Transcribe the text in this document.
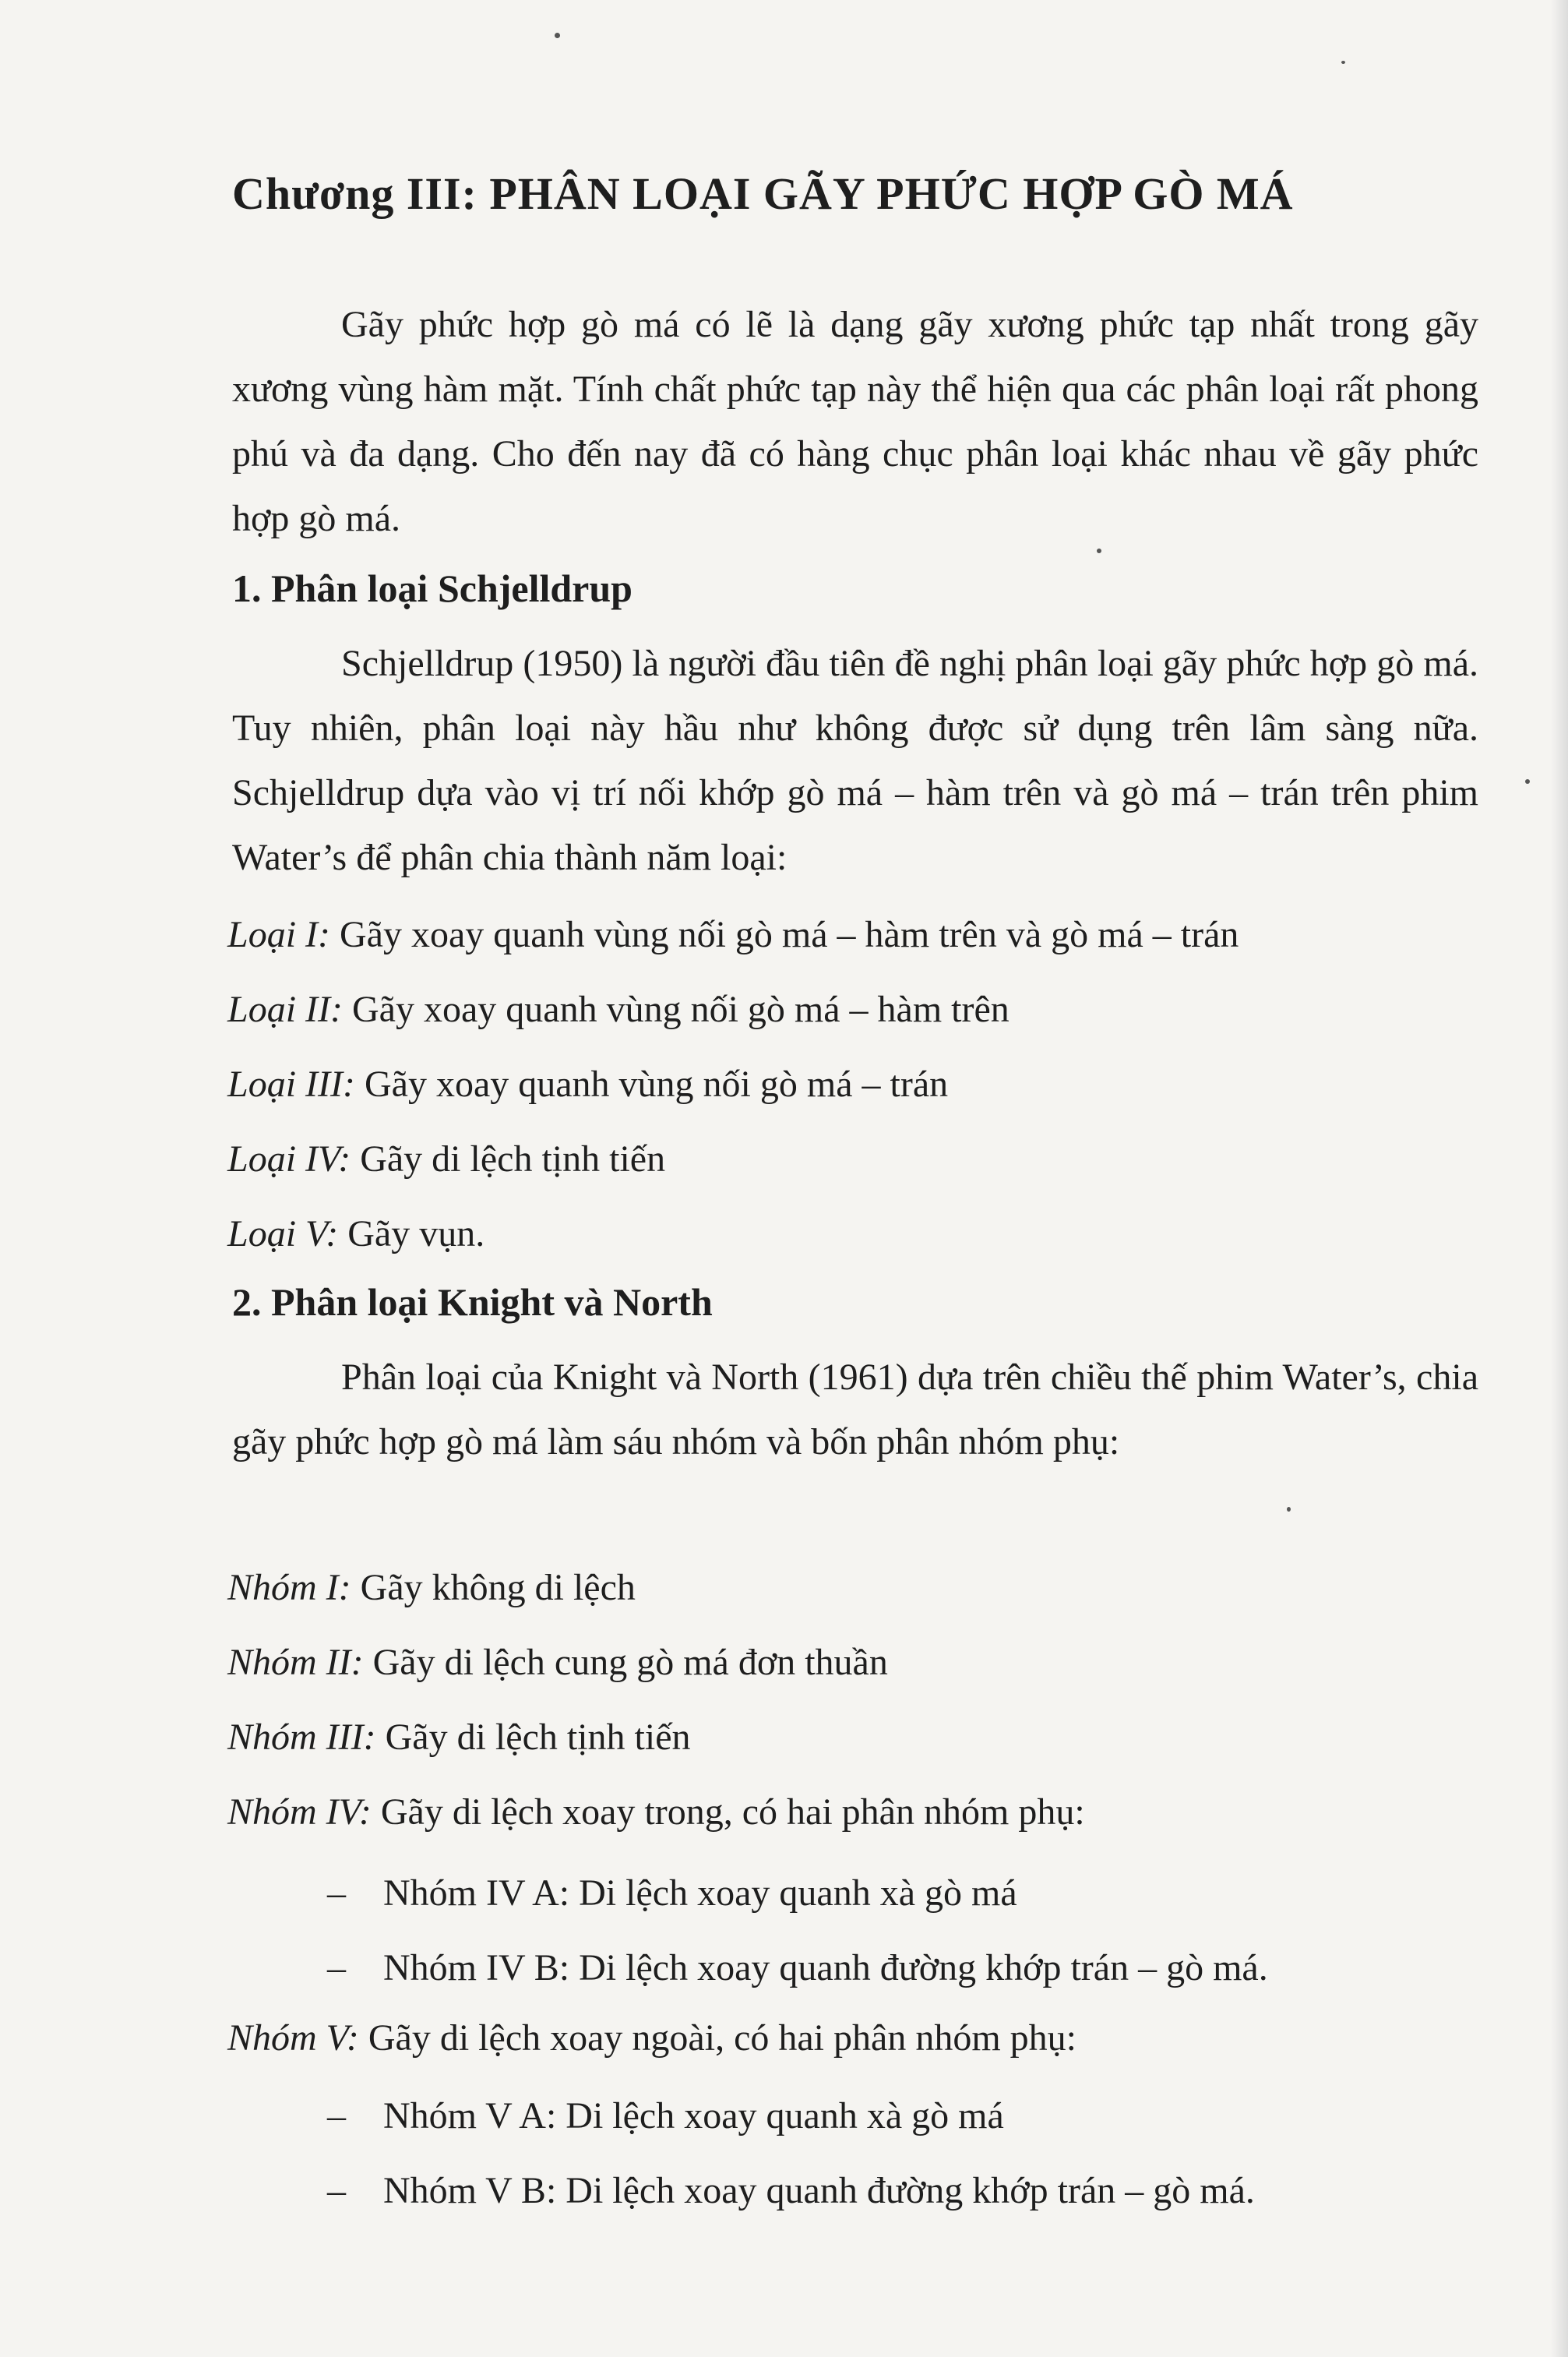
Chương III: PHÂN LOẠI GÃY PHỨC HỢP GÒ MÁ

Gãy phức hợp gò má có lẽ là dạng gãy xương phức tạp nhất trong gãy xương vùng hàm mặt. Tính chất phức tạp này thể hiện qua các phân loại rất phong phú và đa dạng. Cho đến nay đã có hàng chục phân loại khác nhau về gãy phức hợp gò má.

1. Phân loại Schjelldrup

Schjelldrup (1950) là người đầu tiên đề nghị phân loại gãy phức hợp gò má. Tuy nhiên, phân loại này hầu như không được sử dụng trên lâm sàng nữa. Schjelldrup dựa vào vị trí nối khớp gò má – hàm trên và gò má – trán trên phim Water’s để phân chia thành năm loại:

Loại I: Gãy xoay quanh vùng nối gò má – hàm trên và gò má – trán

Loại II: Gãy xoay quanh vùng nối gò má – hàm trên

Loại III: Gãy xoay quanh vùng nối gò má – trán

Loại IV: Gãy di lệch tịnh tiến

Loại V: Gãy vụn.

2. Phân loại Knight và North

Phân loại của Knight và North (1961) dựa trên chiều thế phim Water’s, chia gãy phức hợp gò má làm sáu nhóm và bốn phân nhóm phụ:

Nhóm I: Gãy không di lệch

Nhóm II: Gãy di lệch cung gò má đơn thuần

Nhóm III: Gãy di lệch tịnh tiến

Nhóm IV: Gãy di lệch xoay trong, có hai phân nhóm phụ:

– Nhóm IV A: Di lệch xoay quanh xà gò má

– Nhóm IV B: Di lệch xoay quanh đường khớp trán – gò má.

Nhóm V: Gãy di lệch xoay ngoài, có hai phân nhóm phụ:

– Nhóm V A: Di lệch xoay quanh xà gò má

– Nhóm V B: Di lệch xoay quanh đường khớp trán – gò má.
